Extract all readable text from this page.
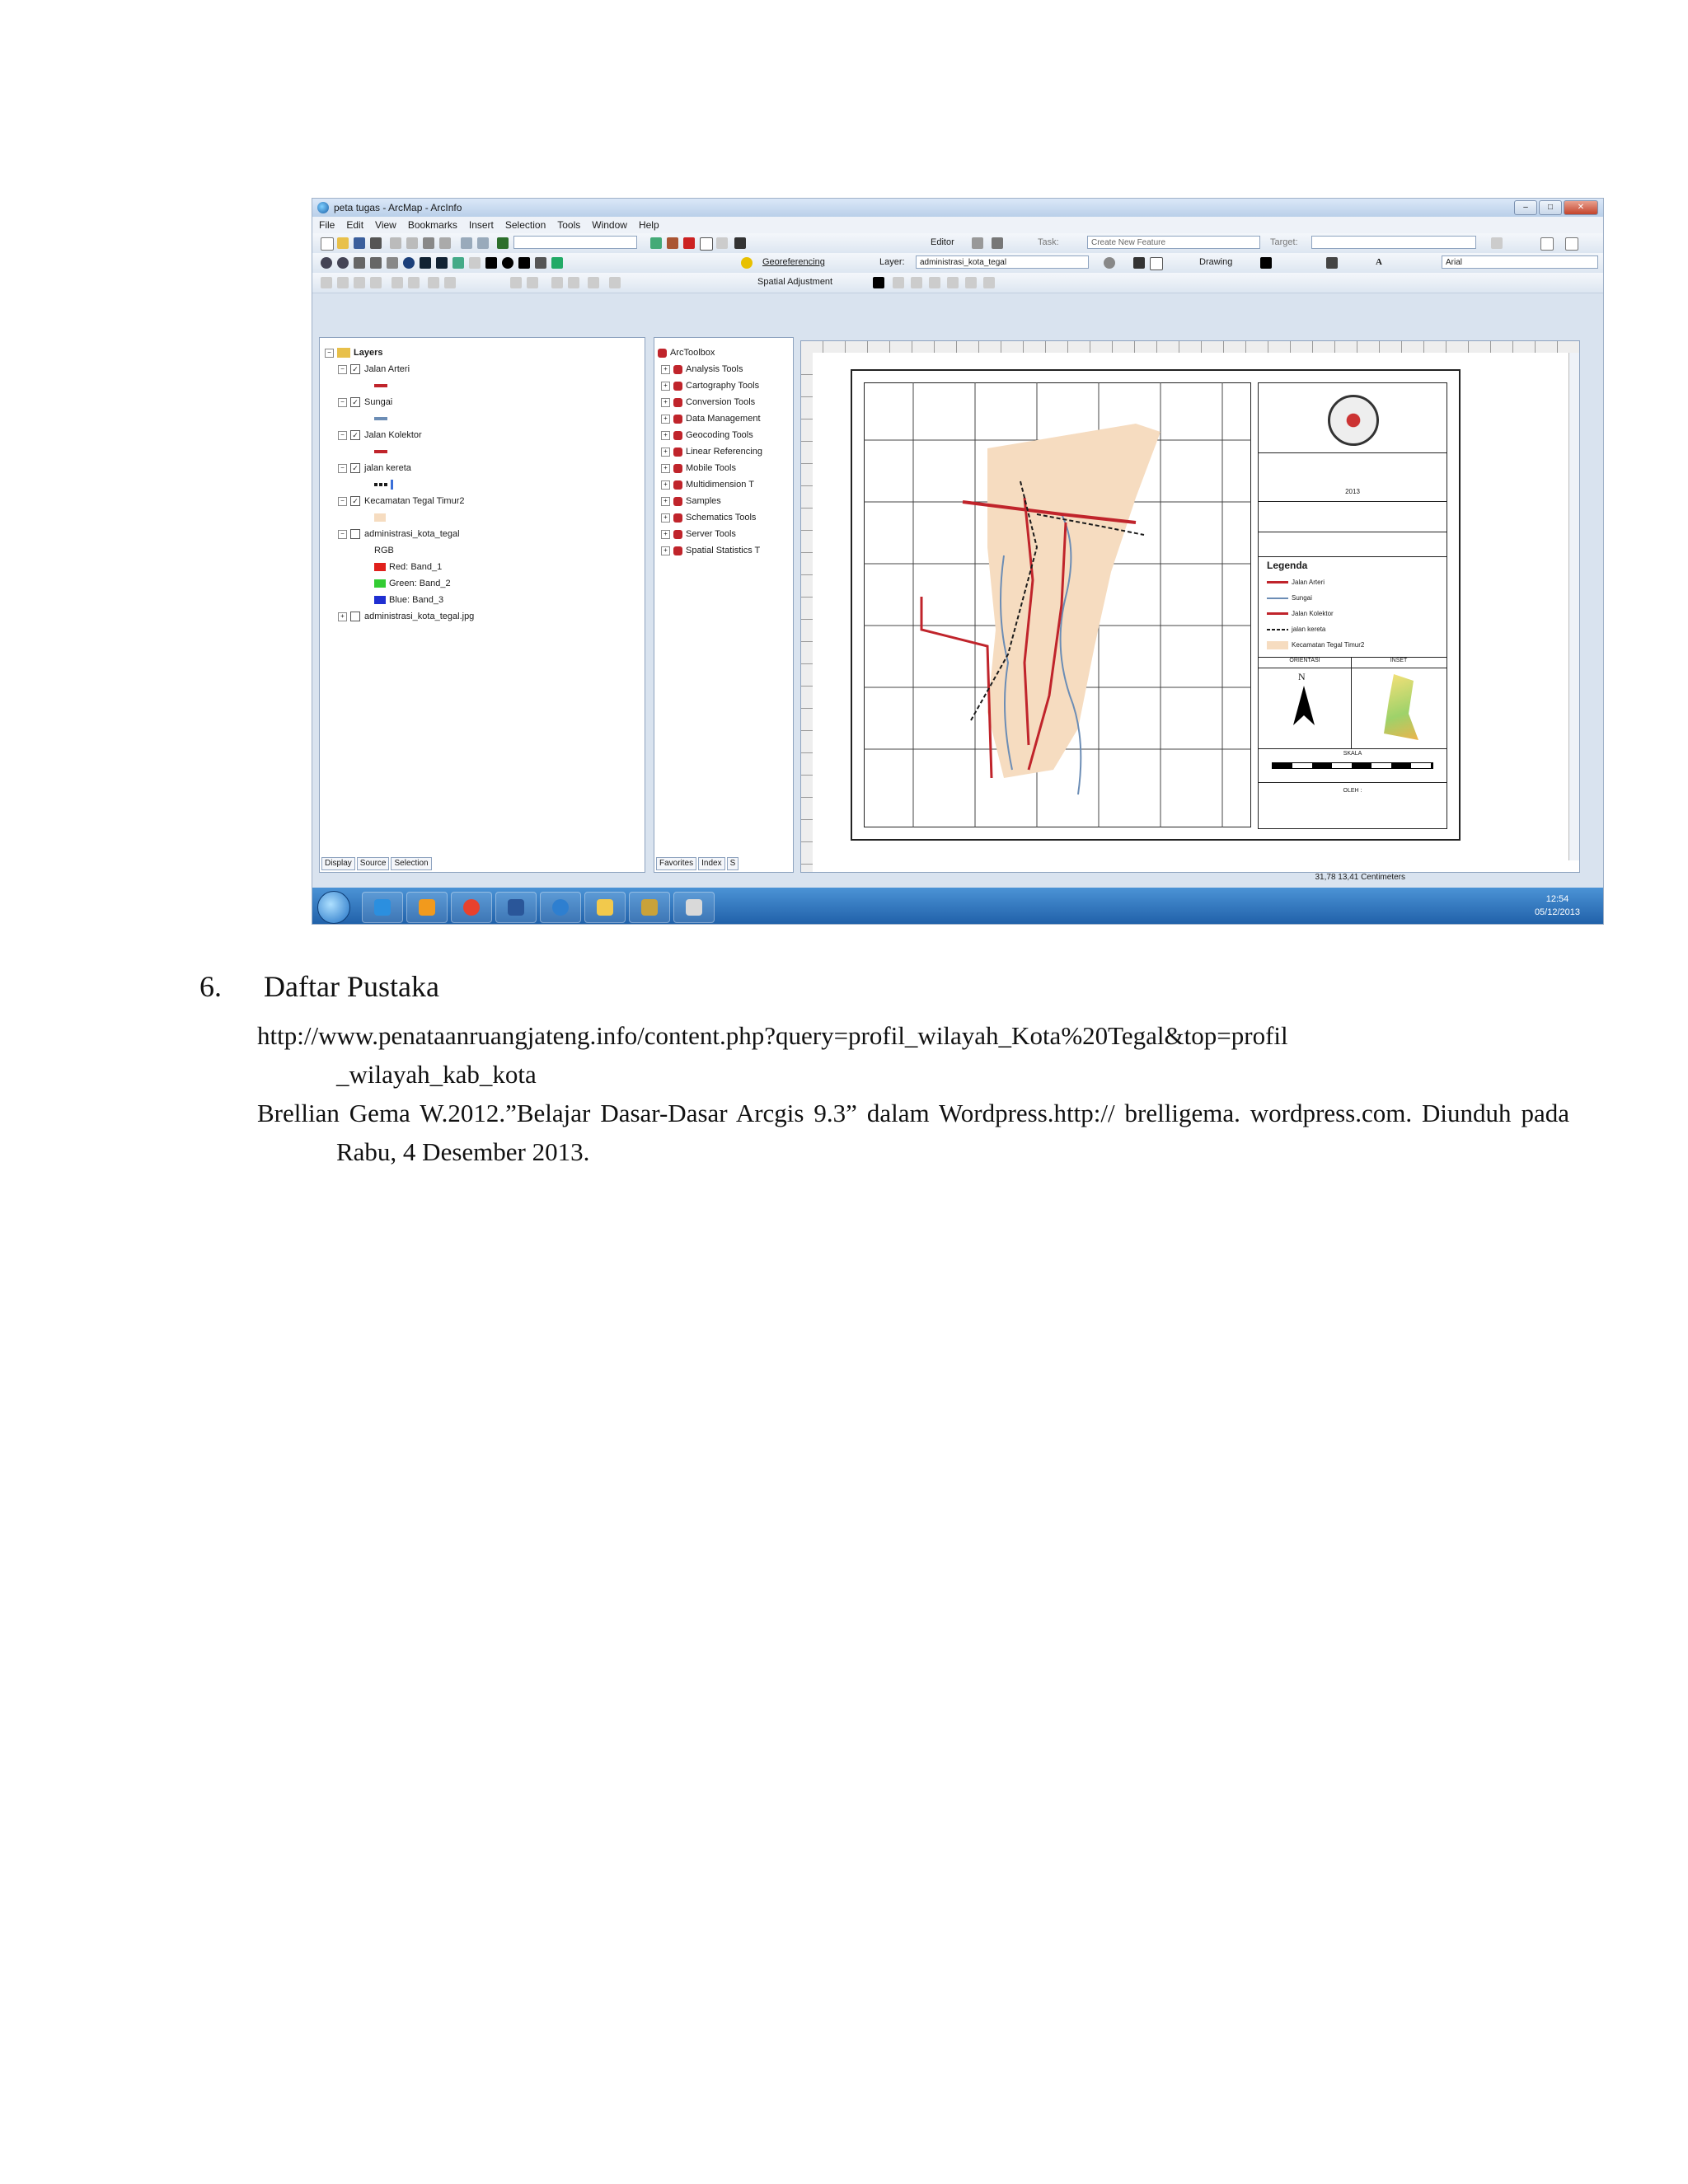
peta tugas - ArcMap - ArcInfo	–	□	✕
File Edit View Bookmarks Insert Selection Tools Window Help
Editor	Task:	Create New Feature	Target:
Georeferencing	Layer:	administrasi_kota_tegal	Drawing	A	Arial
Spatial Adjustment
− Layers
− ✓ Jalan Arteri
− ✓ Sungai
− ✓ Jalan Kolektor
− ✓ jalan kereta
− ✓ Kecamatan Tegal Timur2
− administrasi_kota_tegal
RGB
Red: Band_1
Green: Band_2
Blue: Band_3
+ administrasi_kota_tegal.jpg
Display	Source	Selection
ArcToolbox
+ Analysis Tools
+ Cartography Tools
+ Conversion Tools
+ Data Management
+ Geocoding Tools
+ Linear Referencing
+ Mobile Tools
+ Multidimension T
+ Samples
+ Schematics Tools
+ Server Tools
+ Spatial Statistics T
Favorites	Index	S
2013
Legenda
Jalan Arteri
Sungai
Jalan Kolektor
jalan kereta
Kecamatan Tegal Timur2
ORIENTASI	INSET
N
SKALA
OLEH :
31,78 13,41 Centimeters
12:54
05/12/2013
6. Daftar Pustaka
http://www.penataanruangjateng.info/content.php?query=profil_wilayah_Kota%20Tegal&top=profil
_wilayah_kab_kota
Brellian Gema W.2012.”Belajar Dasar-Dasar Arcgis 9.3” dalam Wordpress.http:// brelligema. wordpress.com. Diunduh pada Rabu, 4 Desember 2013.
